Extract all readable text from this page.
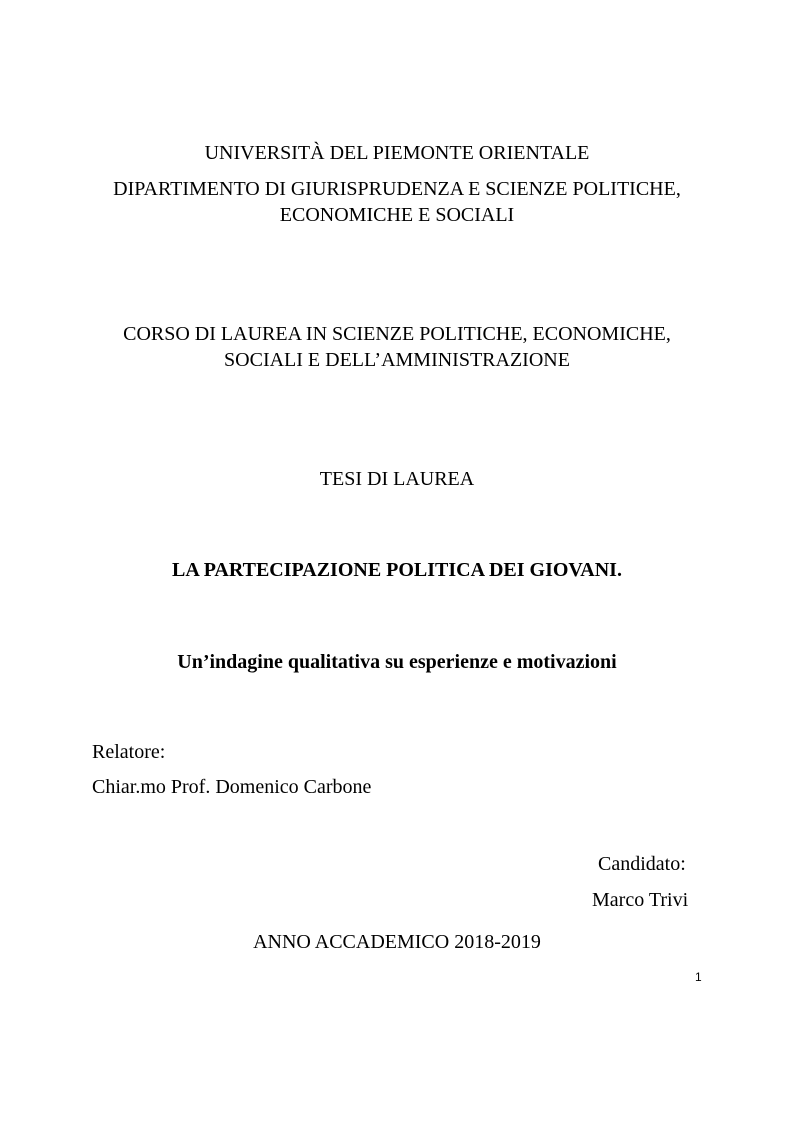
UNIVERSITÀ DEL PIEMONTE ORIENTALE
DIPARTIMENTO DI GIURISPRUDENZA E SCIENZE POLITICHE,
ECONOMICHE E SOCIALI
CORSO DI LAUREA IN SCIENZE POLITICHE, ECONOMICHE,
SOCIALI E DELL’AMMINISTRAZIONE
TESI DI LAUREA
LA PARTECIPAZIONE POLITICA DEI GIOVANI.
Un’indagine qualitativa su esperienze e motivazioni
Relatore:
Chiar.mo Prof. Domenico Carbone
Candidato:
Marco Trivi
ANNO ACCADEMICO 2018-2019
1
